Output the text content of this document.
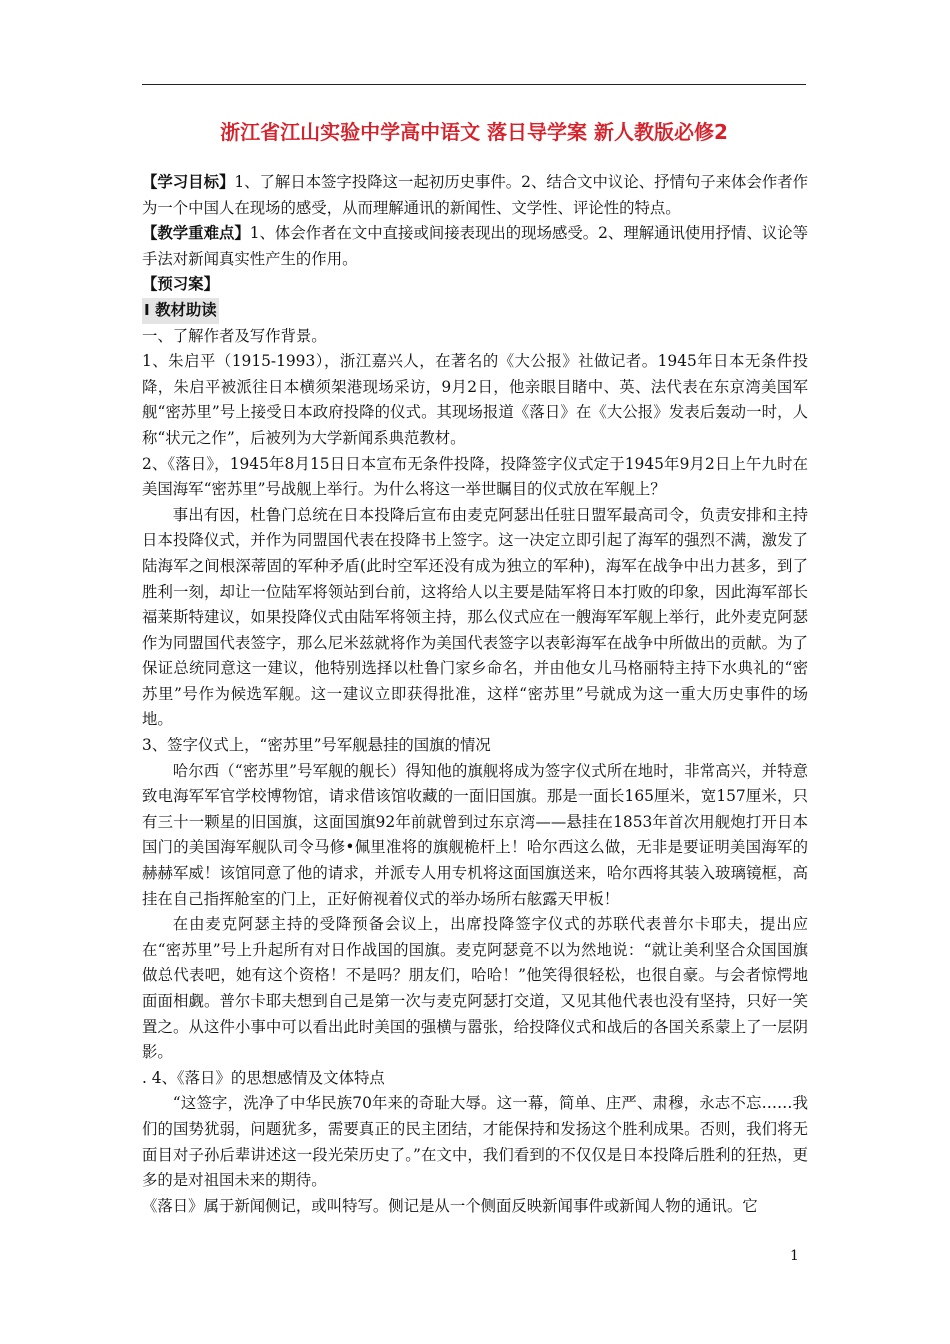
浙江省江山实验中学高中语文 落日导学案 新人教版必修2

【学习目标】1、了解日本签字投降这一起初历史事件。2、结合文中议论、抒情句子来体会作者作为一个中国人在现场的感受，从而理解通讯的新闻性、文学性、评论性的特点。

【教学重难点】1、体会作者在文中直接或间接表现出的现场感受。2、理解通讯使用抒情、议论等手法对新闻真实性产生的作用。

【预习案】

Ⅰ 教材助读

一、了解作者及写作背景。

1、朱启平（1915-1993），浙江嘉兴人，在著名的《大公报》社做记者。1945年日本无条件投降，朱启平被派往日本横须架港现场采访，9月2日，他亲眼目睹中、英、法代表在东京湾美国军舰“密苏里”号上接受日本政府投降的仪式。其现场报道《落日》在《大公报》发表后轰动一时，人称“状元之作”，后被列为大学新闻系典范教材。

2、《落日》，1945年8月15日日本宣布无条件投降，投降签字仪式定于1945年9月2日上午九时在美国海军“密苏里”号战舰上举行。为什么将这一举世瞩目的仪式放在军舰上？

事出有因，杜鲁门总统在日本投降后宣布由麦克阿瑟出任驻日盟军最高司令，负责安排和主持日本投降仪式，并作为同盟国代表在投降书上签字。这一决定立即引起了海军的强烈不满，激发了陆海军之间根深蒂固的军种矛盾(此时空军还没有成为独立的军种)，海军在战争中出力甚多，到了胜利一刻，却让一位陆军将领站到台前，这将给人以主要是陆军将日本打败的印象，因此海军部长福莱斯特建议，如果投降仪式由陆军将领主持，那么仪式应在一艘海军军舰上举行，此外麦克阿瑟作为同盟国代表签字，那么尼米兹就将作为美国代表签字以表彰海军在战争中所做出的贡献。为了保证总统同意这一建议，他特别选择以杜鲁门家乡命名，并由他女儿马格丽特主持下水典礼的“密苏里”号作为候选军舰。这一建议立即获得批准，这样“密苏里”号就成为这一重大历史事件的场地。

3、签字仪式上，“密苏里”号军舰悬挂的国旗的情况

哈尔西（“密苏里”号军舰的舰长）得知他的旗舰将成为签字仪式所在地时，非常高兴，并特意致电海军军官学校博物馆，请求借该馆收藏的一面旧国旗。那是一面长165厘米，宽157厘米，只有三十一颗星的旧国旗，这面国旗92年前就曾到过东京湾——悬挂在1853年首次用舰炮打开日本国门的美国海军舰队司令马修•佩里准将的旗舰桅杆上！哈尔西这么做，无非是要证明美国海军的赫赫军威！该馆同意了他的请求，并派专人用专机将这面国旗送来，哈尔西将其装入玻璃镜框，高挂在自己指挥舱室的门上，正好俯视着仪式的举办场所右舷露天甲板！

在由麦克阿瑟主持的受降预备会议上，出席投降签字仪式的苏联代表普尔卡耶夫，提出应在“密苏里”号上升起所有对日作战国的国旗。麦克阿瑟竟不以为然地说：“就让美利坚合众国国旗做总代表吧，她有这个资格！不是吗？朋友们，哈哈！”他笑得很轻松，也很自豪。与会者惊愕地面面相觑。普尔卡耶夫想到自己是第一次与麦克阿瑟打交道，又见其他代表也没有坚持，只好一笑置之。从这件小事中可以看出此时美国的强横与嚣张，给投降仪式和战后的各国关系蒙上了一层阴影。

. 4、《落日》的思想感情及文体特点

“这签字，洗净了中华民族70年来的奇耻大辱。这一幕，简单、庄严、肃穆，永志不忘……我们的国势犹弱，问题犹多，需要真正的民主团结，才能保持和发扬这个胜利成果。否则，我们将无面目对子孙后辈讲述这一段光荣历史了。”在文中，我们看到的不仅仅是日本投降后胜利的狂热，更多的是对祖国未来的期待。

《落日》属于新闻侧记，或叫特写。侧记是从一个侧面反映新闻事件或新闻人物的通讯。它

1
